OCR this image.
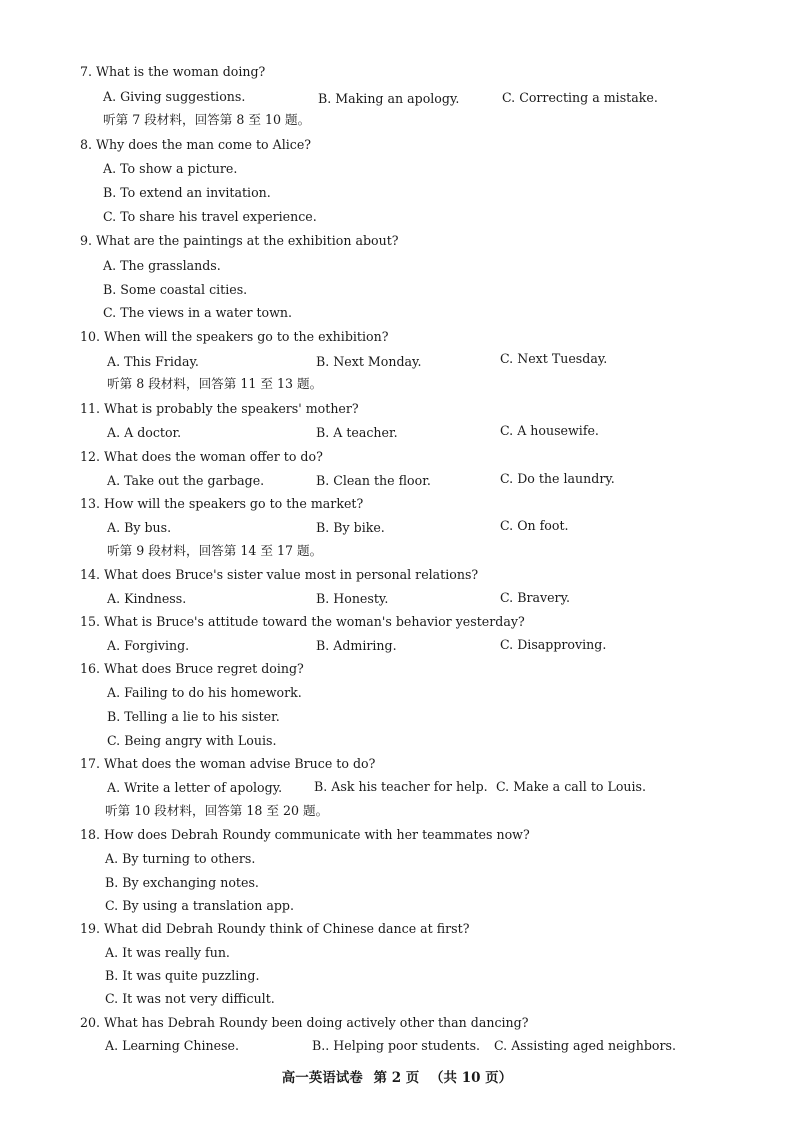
7. What is the woman doing?
A. Giving suggestions.	B. Making an apology.	C. Correcting a mistake.
听第 7 段材料，回答第 8 至 10 题。
8. Why does the man come to Alice?
A. To show a picture.
B. To extend an invitation.
C. To share his travel experience.
9. What are the paintings at the exhibition about?
A. The grasslands.
B. Some coastal cities.
C. The views in a water town.
10. When will the speakers go to the exhibition?
A. This Friday.	B. Next Monday.	C. Next Tuesday.
听第 8 段材料，回答第 11 至 13 题。
11. What is probably the speakers' mother?
A. A doctor.	B. A teacher.	C. A housewife.
12. What does the woman offer to do?
A. Take out the garbage.	B. Clean the floor.	C. Do the laundry.
13. How will the speakers go to the market?
A. By bus.	B. By bike.	C. On foot.
听第 9 段材料，回答第 14 至 17 题。
14. What does Bruce's sister value most in personal relations?
A. Kindness.	B. Honesty.	C. Bravery.
15. What is Bruce's attitude toward the woman's behavior yesterday?
A. Forgiving.	B. Admiring.	C. Disapproving.
16. What does Bruce regret doing?
A. Failing to do his homework.
B. Telling a lie to his sister.
C. Being angry with Louis.
17. What does the woman advise Bruce to do?
A. Write a letter of apology.	B. Ask his teacher for help. C. Make a call to Louis.
听第 10 段材料，回答第 18 至 20 题。
18. How does Debrah Roundy communicate with her teammates now?
A. By turning to others.
B. By exchanging notes.
C. By using a translation app.
19. What did Debrah Roundy think of Chinese dance at first?
A. It was really fun.
B. It was quite puzzling.
C. It was not very difficult.
20. What has Debrah Roundy been doing actively other than dancing?
A. Learning Chinese.	B.. Helping poor students. C. Assisting aged neighbors.
高一英语试卷 第 2 页 （共 10 页）
